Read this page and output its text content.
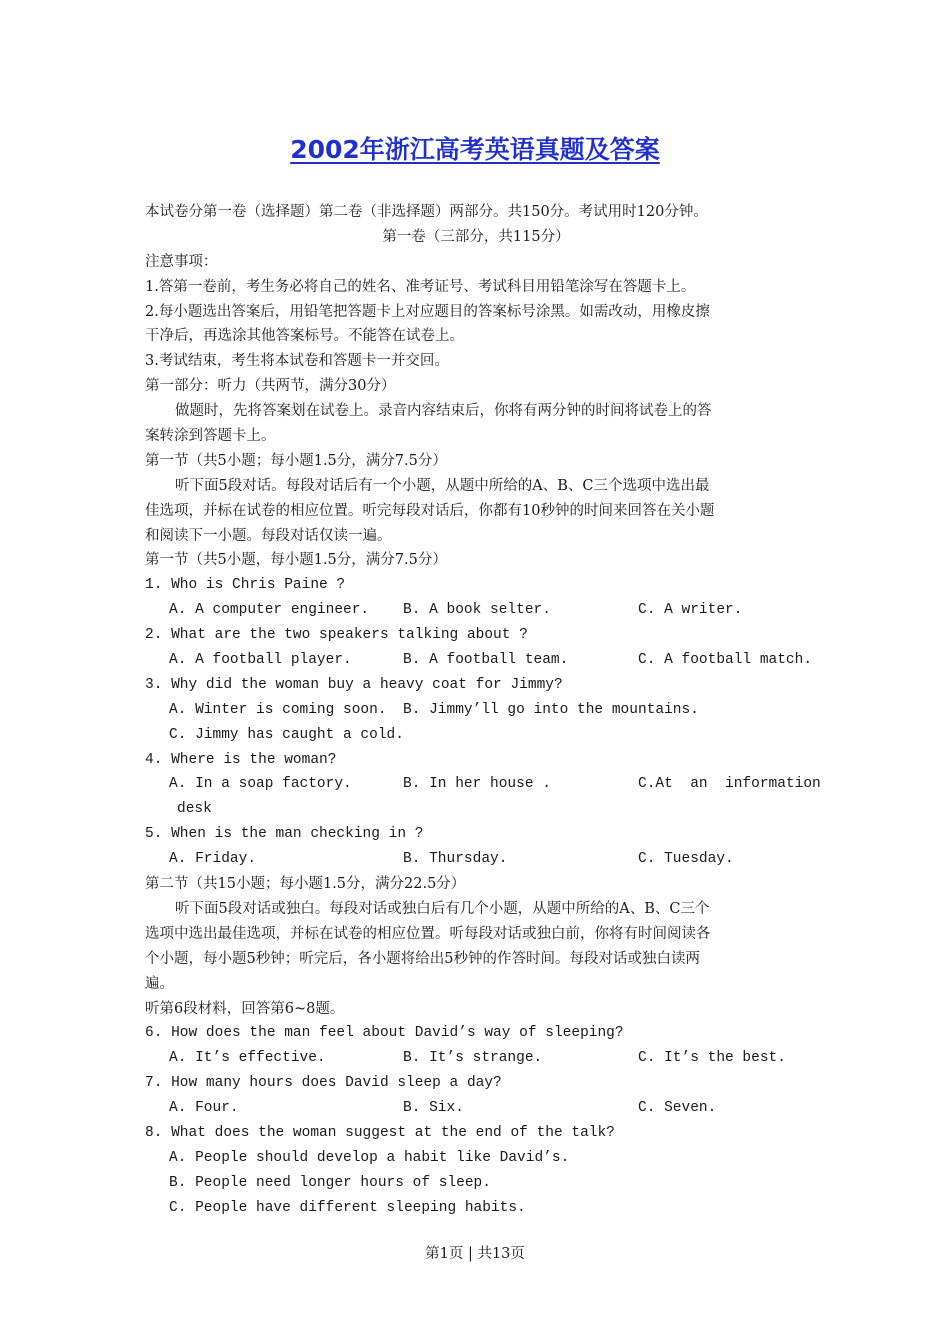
2002年浙江高考英语真题及答案
本试卷分第一卷（选择题）第二卷（非选择题）两部分。共150分。考试用时120分钟。
第一卷（三部分，共115分）
注意事项：
1.答第一卷前，考生务必将自己的姓名、准考证号、考试科目用铅笔涂写在答题卡上。
2.每小题选出答案后，用铅笔把答题卡上对应题目的答案标号涂黑。如需改动，用橡皮擦
干净后，再选涂其他答案标号。不能答在试卷上。
3.考试结束，考生将本试卷和答题卡一并交回。
第一部分：听力（共两节，满分30分）
做题时，先将答案划在试卷上。录音内容结束后，你将有两分钟的时间将试卷上的答
案转涂到答题卡上。
第一节（共5小题；每小题1.5分，满分7.5分）
听下面5段对话。每段对话后有一个小题，从题中所给的A、B、C三个选项中选出最
佳选项，并标在试卷的相应位置。听完每段对话后，你都有10秒钟的时间来回答在关小题
和阅读下一小题。每段对话仅读一遍。
第一节（共5小题，每小题1.5分，满分7.5分）
1. Who is Chris Paine ?
A. A computer engineer. B. A book selter.	C. A writer.
2. What are the two speakers talking about ?
A. A football player.	B. A football team.	C. A football match.
3. Why did the woman buy a heavy coat for Jimmy?
A. Winter is coming soon. B. Jimmy’ll go into the mountains.
C. Jimmy has caught a cold.
4. Where is the woman?
A. In a soap factory.	B. In her house .	C.At  an  information
desk
5. When is the man checking in ?
A. Friday.	B. Thursday.	C. Tuesday.
第二节（共15小题；每小题1.5分，满分22.5分）
听下面5段对话或独白。每段对话或独白后有几个小题，从题中所给的A、B、C三个
选项中选出最佳选项，并标在试卷的相应位置。听每段对话或独白前，你将有时间阅读各
个小题，每小题5秒钟；听完后，各小题将给出5秒钟的作答时间。每段对话或独白读两
遍。
听第6段材料，回答第6~8题。
6. How does the man feel about David’s way of sleeping?
A. It’s effective.	B. It’s strange.	C. It’s the best.
7. How many hours does David sleep a day?
A. Four.	B. Six.	C. Seven.
8. What does the woman suggest at the end of the talk?
A. People should develop a habit like David’s.
B. People need longer hours of sleep.
C. People have different sleeping habits.
第1页 | 共13页
